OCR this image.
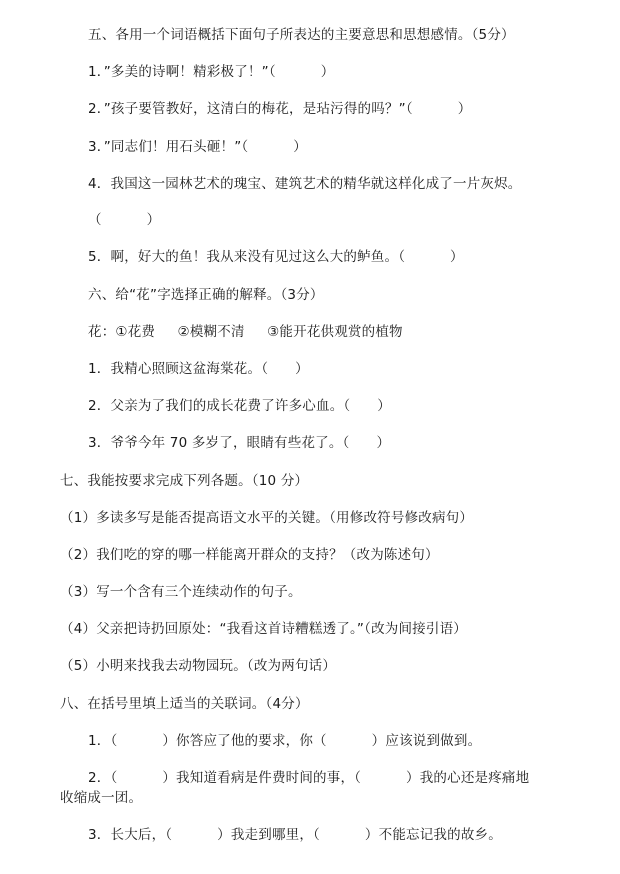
五、各用一个词语概括下面句子所表达的主要意思和思想感情。（5分）
1．”多美的诗啊！精彩极了！”（          ）
2．”孩子要管教好，这清白的梅花，是玷污得的吗？”（          ）
3．”同志们！用石头砸！”（          ）
4．我国这一园林艺术的瑰宝、建筑艺术的精华就这样化成了一片灰烬。
（          ）
5．啊，好大的鱼！我从来没有见过这么大的鲈鱼。（          ）
六、给“花”字选择正确的解释。（3分）
花：①花费     ②模糊不清     ③能开花供观赏的植物
1．我精心照顾这盆海棠花。（      ）
2．父亲为了我们的成长花费了许多心血。（      ）
3．爷爷今年 70 多岁了，眼睛有些花了。（      ）
七、我能按要求完成下列各题。（10 分）
（1）多读多写是能否提高语文水平的关键。（用修改符号修改病句）
（2）我们吃的穿的哪一样能离开群众的支持？（改为陈述句）
（3）写一个含有三个连续动作的句子。
（4）父亲把诗扔回原处：“我看这首诗糟糕透了。”（改为间接引语）
（5）小明来找我去动物园玩。（改为两句话）
八、在括号里填上适当的关联词。（4分）
1．（          ）你答应了他的要求，你（          ）应该说到做到。
2．（          ）我知道看病是件费时间的事，（          ）我的心还是疼痛地
收缩成一团。
3．长大后，（          ）我走到哪里，（          ）不能忘记我的故乡。
